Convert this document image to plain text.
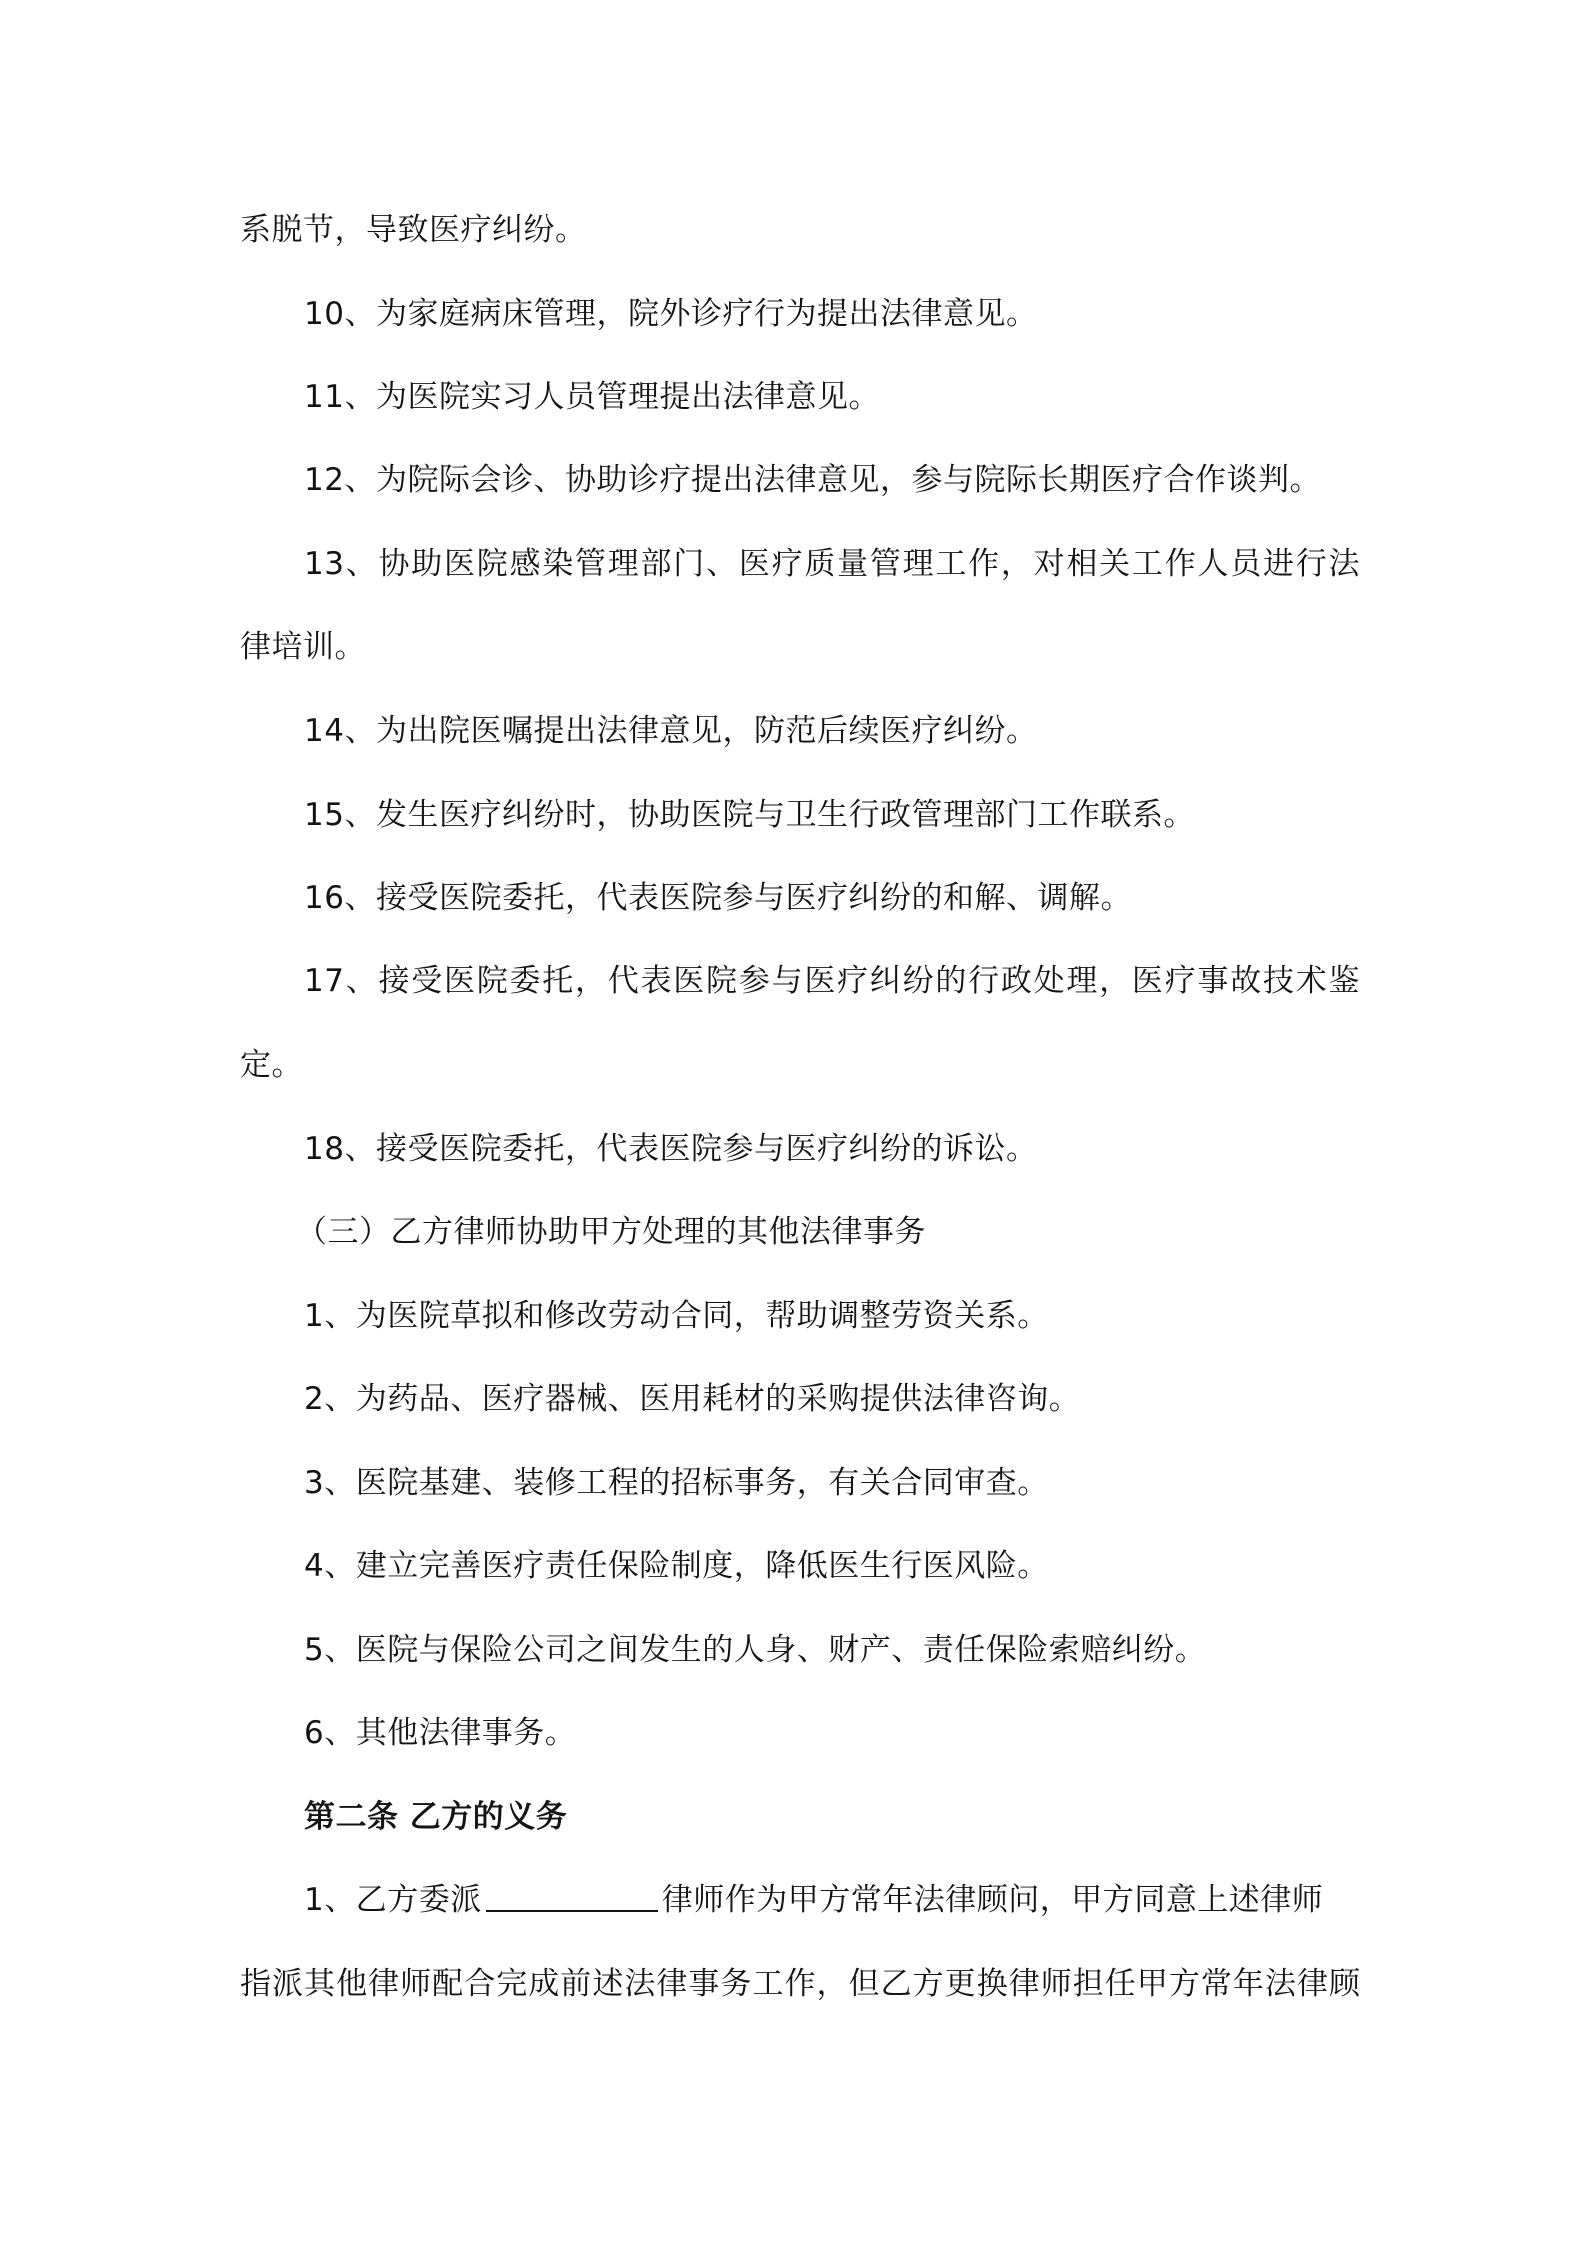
系脱节，导致医疗纠纷。
10、为家庭病床管理，院外诊疗行为提出法律意见。
11、为医院实习人员管理提出法律意见。
12、为院际会诊、协助诊疗提出法律意见，参与院际长期医疗合作谈判。
13、协助医院感染管理部门、医疗质量管理工作，对相关工作人员进行法
律培训。
14、为出院医嘱提出法律意见，防范后续医疗纠纷。
15、发生医疗纠纷时，协助医院与卫生行政管理部门工作联系。
16、接受医院委托，代表医院参与医疗纠纷的和解、调解。
17、接受医院委托，代表医院参与医疗纠纷的行政处理，医疗事故技术鉴
定。
18、接受医院委托，代表医院参与医疗纠纷的诉讼。
（三）乙方律师协助甲方处理的其他法律事务
1、为医院草拟和修改劳动合同，帮助调整劳资关系。
2、为药品、医疗器械、医用耗材的采购提供法律咨询。
3、医院基建、装修工程的招标事务，有关合同审查。
4、建立完善医疗责任保险制度，降低医生行医风险。
5、医院与保险公司之间发生的人身、财产、责任保险索赔纠纷。
6、其他法律事务。
第二条 乙方的义务
1、乙方委派	律师作为甲方常年法律顾问，甲方同意上述律师
指派其他律师配合完成前述法律事务工作，但乙方更换律师担任甲方常年法律顾
